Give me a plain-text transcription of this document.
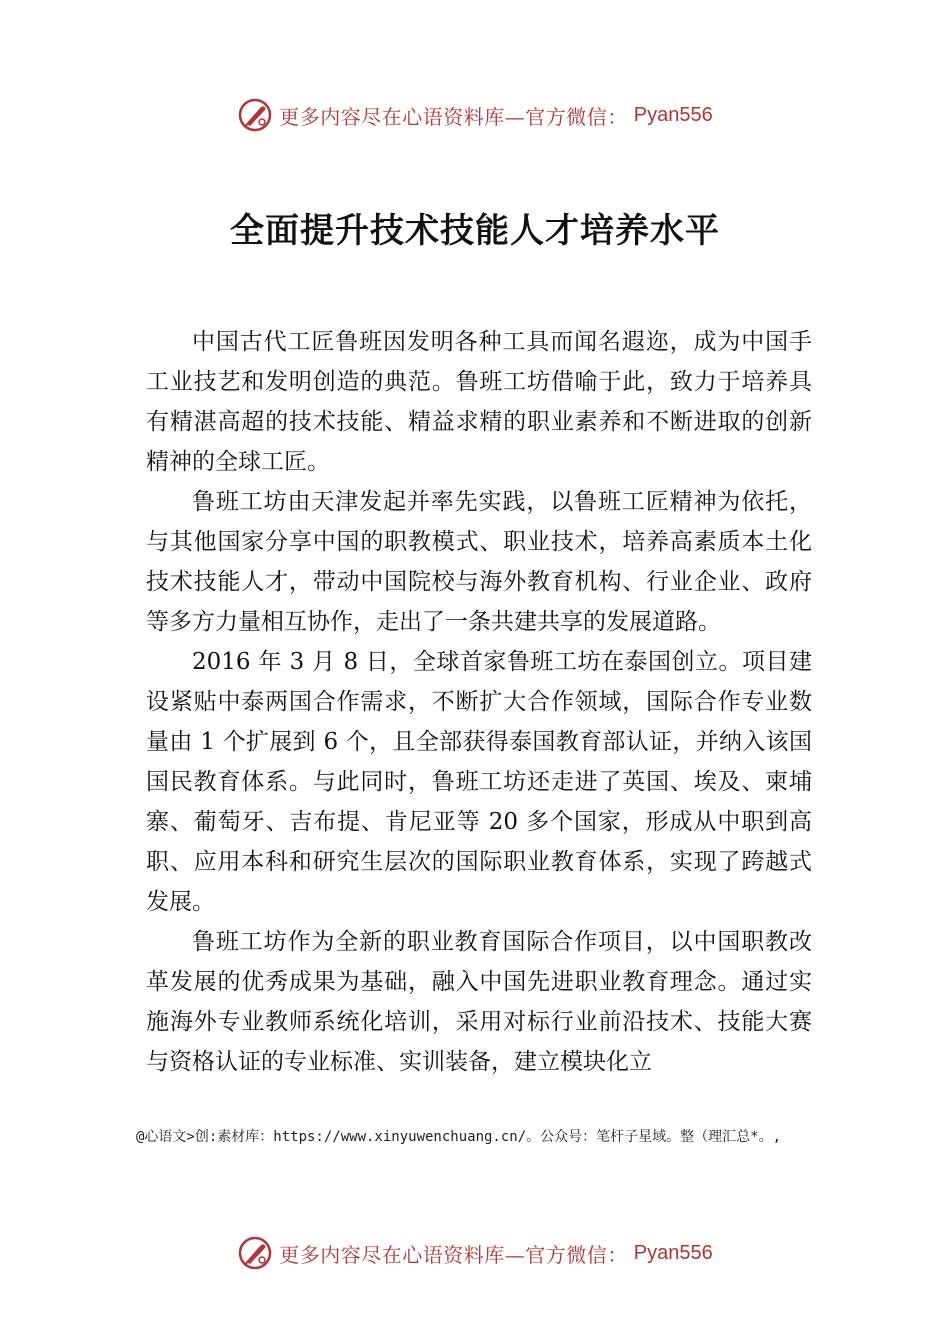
更多内容尽在心语资料库—官方微信： Pyan556
全面提升技术技能人才培养水平

中国古代工匠鲁班因发明各种工具而闻名遐迩，成为中国手工业技艺和发明创造的典范。鲁班工坊借喻于此，致力于培养具有精湛高超的技术技能、精益求精的职业素养和不断进取的创新精神的全球工匠。

鲁班工坊由天津发起并率先实践，以鲁班工匠精神为依托，与其他国家分享中国的职教模式、职业技术，培养高素质本土化技术技能人才，带动中国院校与海外教育机构、行业企业、政府等多方力量相互协作，走出了一条共建共享的发展道路。

2016 年 3 月 8 日，全球首家鲁班工坊在泰国创立。项目建设紧贴中泰两国合作需求，不断扩大合作领域，国际合作专业数量由 1 个扩展到 6 个，且全部获得泰国教育部认证，并纳入该国国民教育体系。与此同时，鲁班工坊还走进了英国、埃及、柬埔寨、葡萄牙、吉布提、肯尼亚等 20 多个国家，形成从中职到高职、应用本科和研究生层次的国际职业教育体系，实现了跨越式发展。

鲁班工坊作为全新的职业教育国际合作项目，以中国职教改革发展的优秀成果为基础，融入中国先进职业教育理念。通过实施海外专业教师系统化培训，采用对标行业前沿技术、技能大赛与资格认证的专业标准、实训装备，建立模块化立

@心语文>创:素材库：https://www.xinyuwenchuang.cn/。公众号：笔杆子星域。整（理汇总*。,
更多内容尽在心语资料库—官方微信： Pyan556
